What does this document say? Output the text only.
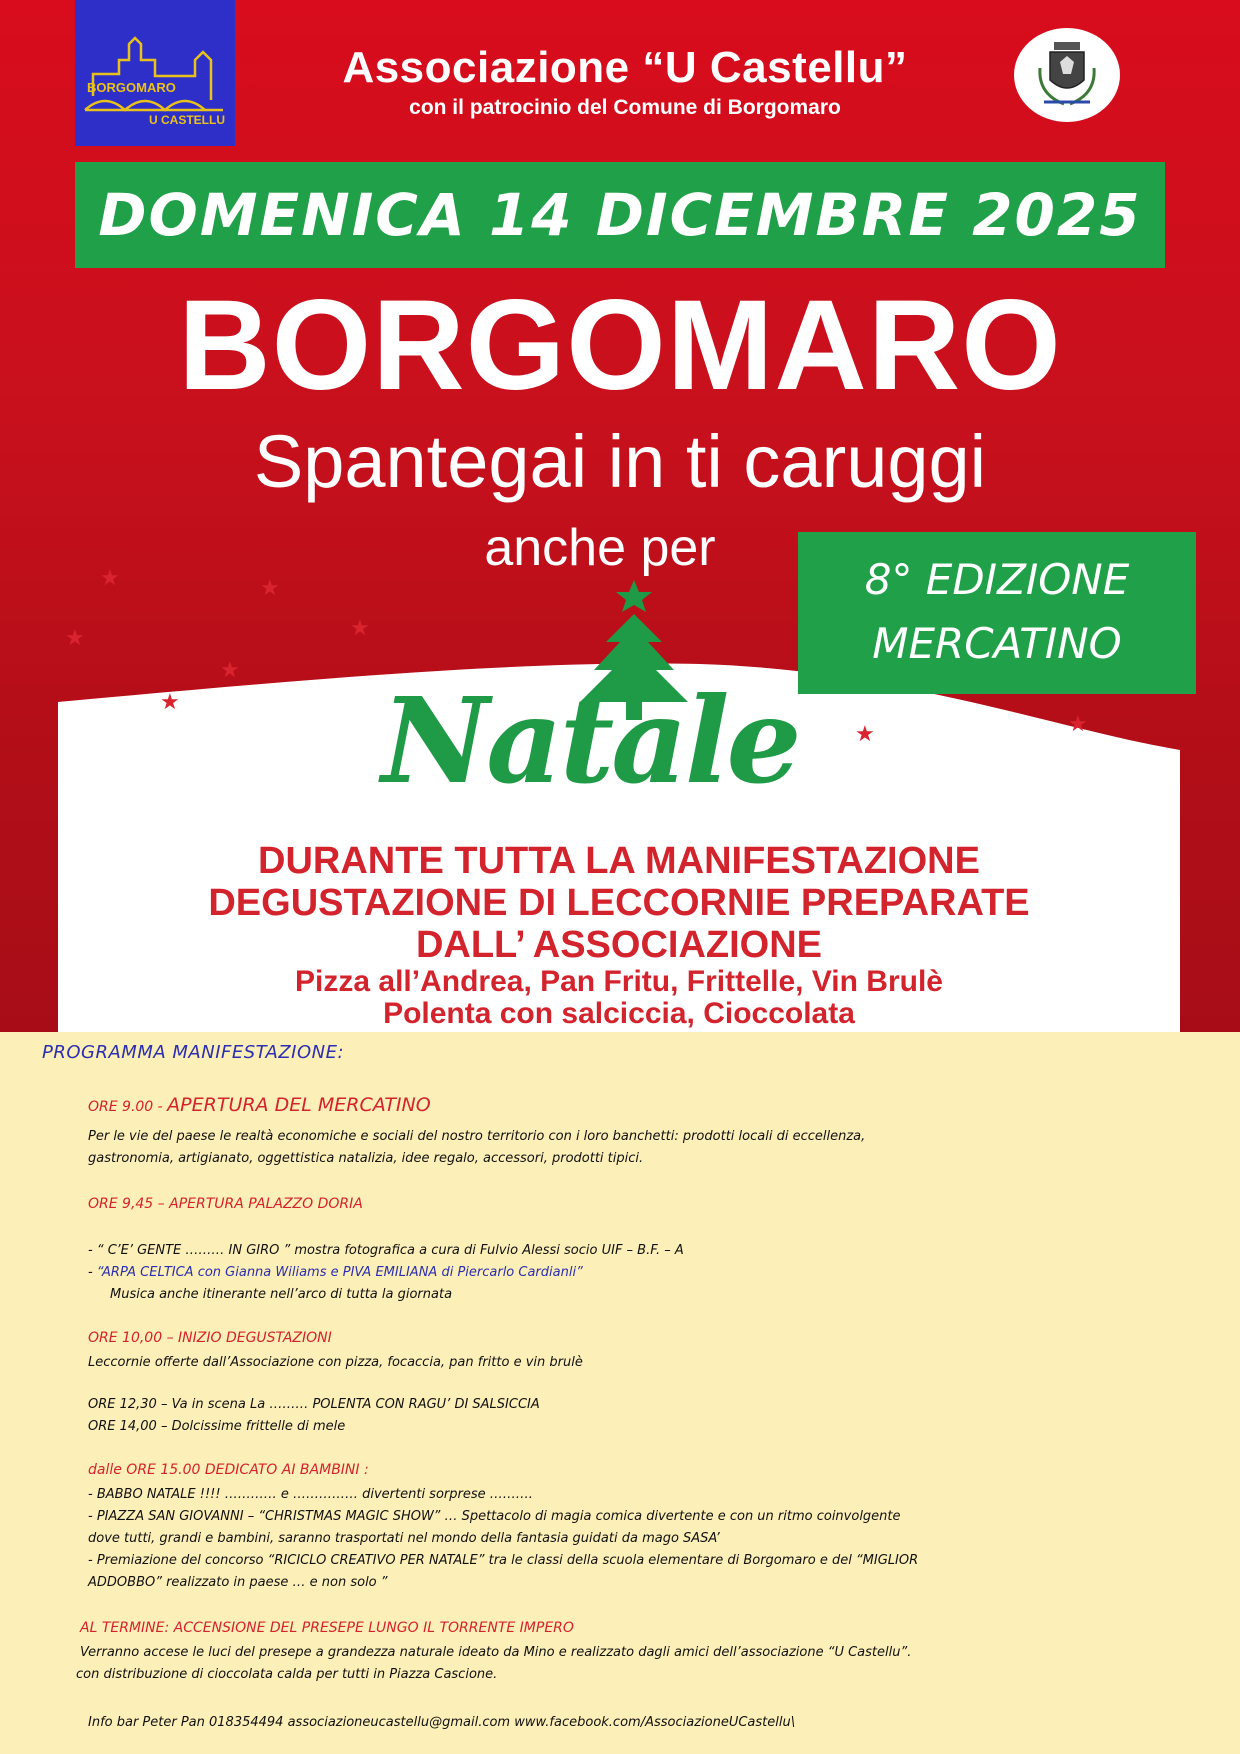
★
★
★
★
★	★
★	★
BORGOMARO
U CASTELLU
Associazione “U Castellu”
con il patrocinio del Comune di Borgomaro
DOMENICA 14 DICEMBRE 2025
BORGOMARO
Spantegai in ti caruggi
anche per
8° EDIZIONE
MERCATINO
Natale
DURANTE TUTTA LA MANIFESTAZIONE
DEGUSTAZIONE DI LECCORNIE PREPARATE
DALL’ ASSOCIAZIONE
Pizza all’Andrea, Pan Fritu, Frittelle, Vin Brulè
Polenta con salciccia, Cioccolata
PROGRAMMA MANIFESTAZIONE:
ORE 9.00 - APERTURA DEL MERCATINO
Per le vie del paese le realtà economiche e sociali del nostro territorio con i loro banchetti: prodotti locali di eccellenza,
gastronomia, artigianato, oggettistica natalizia, idee regalo, accessori, prodotti tipici.
ORE 9,45 – APERTURA PALAZZO DORIA
- “ C’E’ GENTE ……… IN GIRO ” mostra fotografica a cura di Fulvio Alessi socio UIF – B.F. – A
- “ARPA CELTICA con Gianna Wiliams e PIVA EMILIANA di Piercarlo Cardianli”
Musica anche itinerante nell’arco di tutta la giornata
ORE 10,00 – INIZIO DEGUSTAZIONI
Leccornie offerte dall’Associazione con pizza, focaccia, pan fritto e vin brulè
ORE 12,30 – Va in scena La ……… POLENTA CON RAGU’ DI SALSICCIA
ORE 14,00 – Dolcissime frittelle di mele
dalle ORE 15.00 DEDICATO AI BAMBINI :
- BABBO NATALE !!!! ………… e …………… divertenti sorprese ……….
- PIAZZA SAN GIOVANNI – “CHRISTMAS MAGIC SHOW” … Spettacolo di magia comica divertente e con un ritmo coinvolgente
dove tutti, grandi e bambini, saranno trasportati nel mondo della fantasia guidati da mago SASA’
- Premiazione del concorso “RICICLO CREATIVO PER NATALE” tra le classi della scuola elementare di Borgomaro e del “MIGLIOR
ADDOBBO” realizzato in paese … e non solo ”
AL TERMINE: ACCENSIONE DEL PRESEPE LUNGO IL TORRENTE IMPERO
Verranno accese le luci del presepe a grandezza naturale ideato da Mino e realizzato dagli amici dell’associazione “U Castellu”.
con distribuzione di cioccolata calda per tutti in Piazza Cascione.
Info bar Peter Pan 018354494 associazioneucastellu@gmail.com www.facebook.com/AssociazioneUCastellu\
